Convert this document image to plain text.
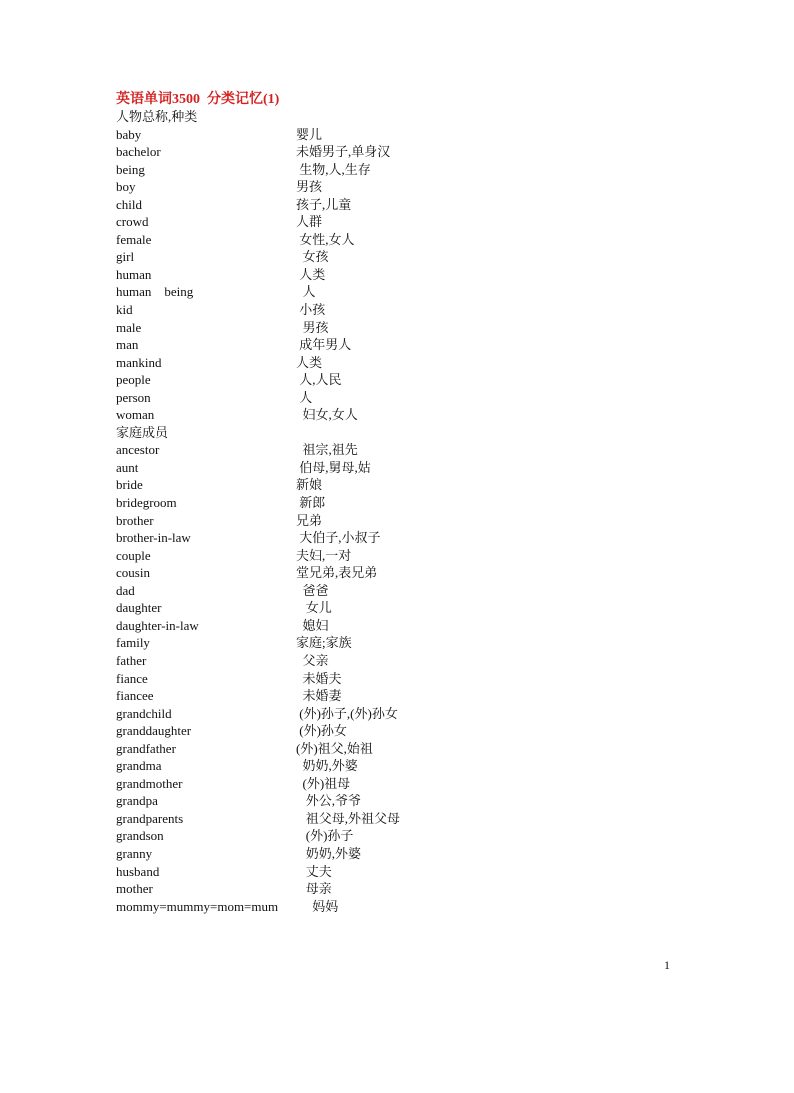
英语单词3500  分类记忆(1)
人物总称,种类
baby	婴儿
bachelor	未婚男子,单身汉
being	生物,人,生存
boy	男孩
child	孩子,儿童
crowd	人群
female	女性,女人
girl	女孩
human	人类
human    being	人
kid	小孩
male	男孩
man	成年男人
mankind	人类
people	人,人民
person	人
woman	妇女,女人
家庭成员
ancestor	祖宗,祖先
aunt	伯母,舅母,姑
bride	新娘
bridegroom	新郎
brother	兄弟
brother-in-law	大伯子,小叔子
couple	夫妇,一对
cousin	堂兄弟,表兄弟
dad	爸爸
daughter	女儿
daughter-in-law	媳妇
family	家庭;家族
father	父亲
fiance	未婚夫
fiancee	未婚妻
grandchild	(外)孙子,(外)孙女
granddaughter	(外)孙女
grandfather	(外)祖父,始祖
grandma	奶奶,外婆
grandmother	(外)祖母
grandpa	外公,爷爷
grandparents	祖父母,外祖父母
grandson	(外)孙子
granny	奶奶,外婆
husband	丈夫
mother	母亲
mommy=mummy=mom=mum 妈妈
1
